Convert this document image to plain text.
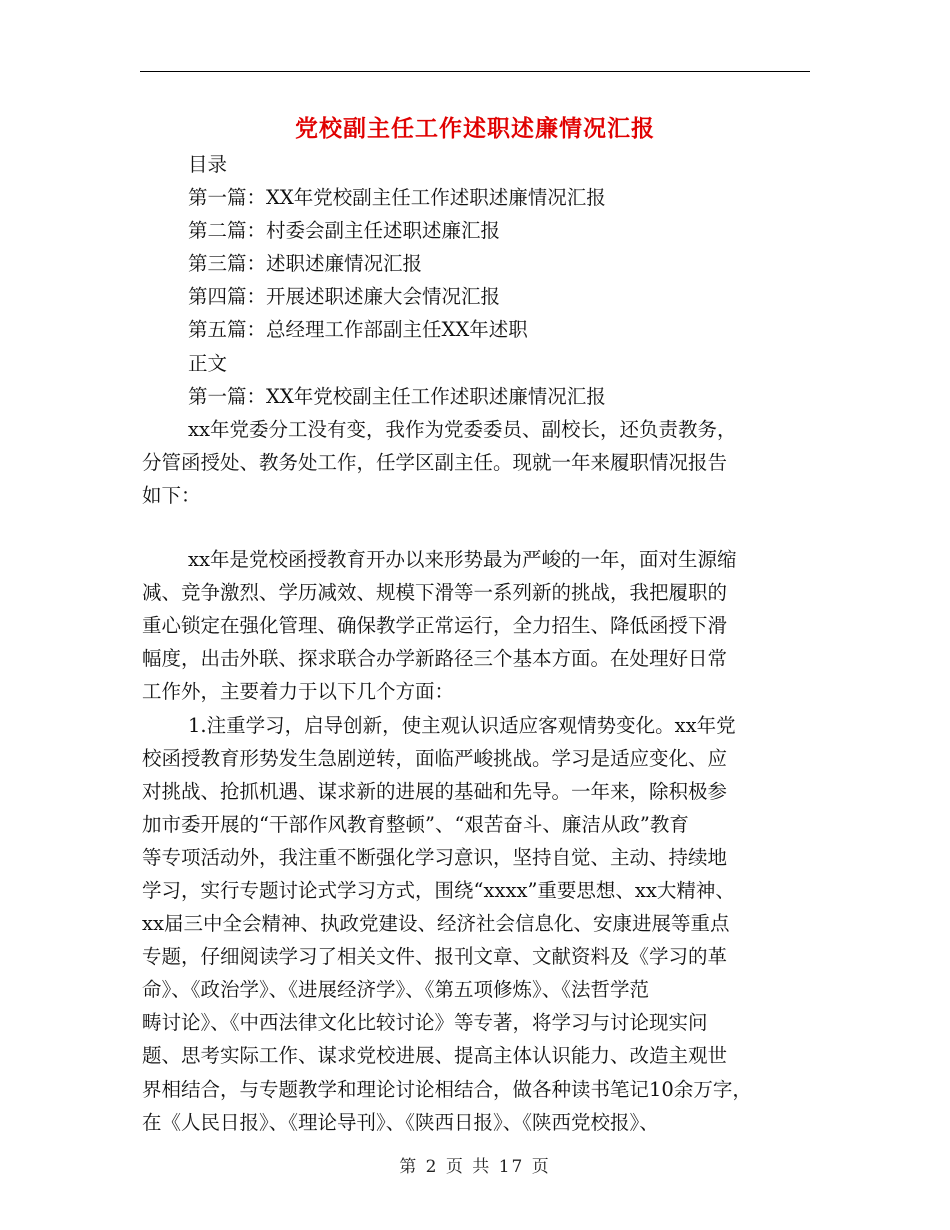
党校副主任工作述职述廉情况汇报
目录
第一篇：XX年党校副主任工作述职述廉情况汇报
第二篇：村委会副主任述职述廉汇报
第三篇：述职述廉情况汇报
第四篇：开展述职述廉大会情况汇报
第五篇：总经理工作部副主任XX年述职
正文
第一篇：XX年党校副主任工作述职述廉情况汇报
xx年党委分工没有变，我作为党委委员、副校长，还负责教务，
分管函授处、教务处工作，任学区副主任。现就一年来履职情况报告
如下：
xx年是党校函授教育开办以来形势最为严峻的一年，面对生源缩
减、竞争激烈、学历减效、规模下滑等一系列新的挑战，我把履职的
重心锁定在强化管理、确保教学正常运行，全力招生、降低函授下滑
幅度，出击外联、探求联合办学新路径三个基本方面。在处理好日常
工作外，主要着力于以下几个方面：
1.注重学习，启导创新，使主观认识适应客观情势变化。xx年党
校函授教育形势发生急剧逆转，面临严峻挑战。学习是适应变化、应
对挑战、抢抓机遇、谋求新的进展的基础和先导。一年来，除积极参
加市委开展的“干部作风教育整顿”、“艰苦奋斗、廉洁从政”教育
等专项活动外，我注重不断强化学习意识，坚持自觉、主动、持续地
学习，实行专题讨论式学习方式，围绕“xxxx”重要思想、xx大精神、
xx届三中全会精神、执政党建设、经济社会信息化、安康进展等重点
专题，仔细阅读学习了相关文件、报刊文章、文献资料及《学习的革
命》、《政治学》、《进展经济学》、《第五项修炼》、《法哲学范
畴讨论》、《中西法律文化比较讨论》等专著，将学习与讨论现实问
题、思考实际工作、谋求党校进展、提高主体认识能力、改造主观世
界相结合，与专题教学和理论讨论相结合，做各种读书笔记10余万字，
在《人民日报》、《理论导刊》、《陕西日报》、《陕西党校报》、
第 2 页 共 17 页
